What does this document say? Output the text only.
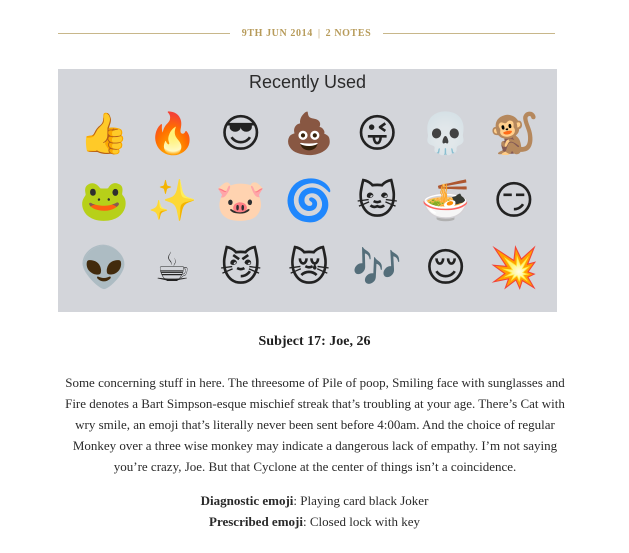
9TH JUN 2014 | 2 NOTES
Recently Used
👍 🔥 😎 💩 😜 💀 🐒
🐸 ✨ 🐷 🌀 🐱 🍜 😏
👽 ☕ 😼 😿 🎶 😌 💥
Subject 17: Joe, 26
Some concerning stuff in here. The threesome of Pile of poop, Smiling face with sunglasses and Fire denotes a Bart Simpson-esque mischief streak that’s troubling at your age. There’s Cat with wry smile, an emoji that’s literally never been sent before 4:00am. And the choice of regular Monkey over a three wise monkey may indicate a dangerous lack of empathy. I’m not saying you’re crazy, Joe. But that Cyclone at the center of things isn’t a coincidence.
Diagnostic emoji: Playing card black Joker
Prescribed emoji: Closed lock with key
